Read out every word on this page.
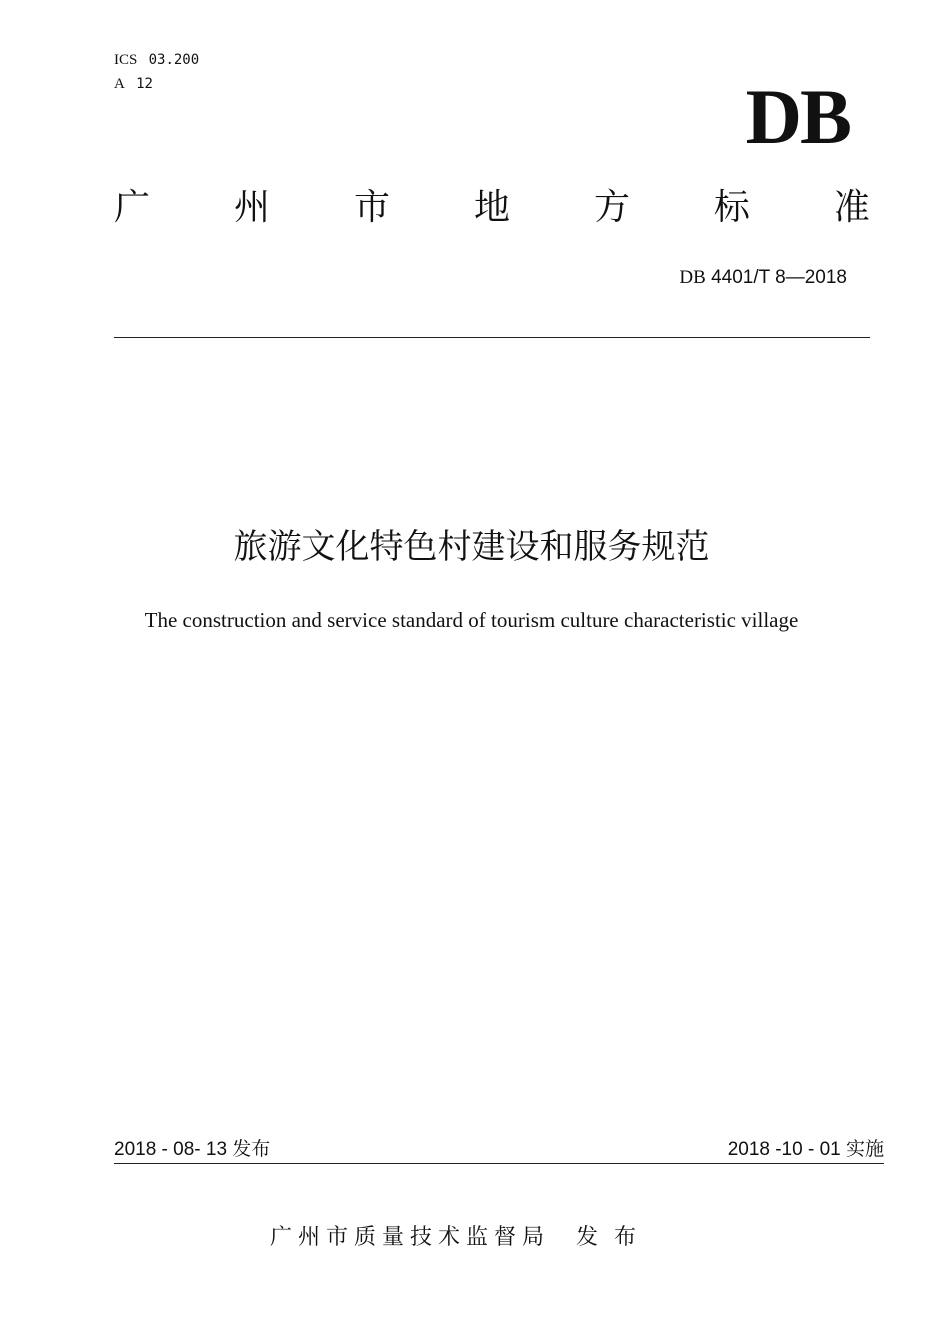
ICS 03.200
A 12	DB
广 州 市 地 方 标 准
DB 4401/T 8—2018
旅游文化特色村建设和服务规范
The construction and service standard of tourism culture characteristic village
2018 - 08- 13 发布	2018 -10 - 01 实施
广州市质量技术监督局 发布
